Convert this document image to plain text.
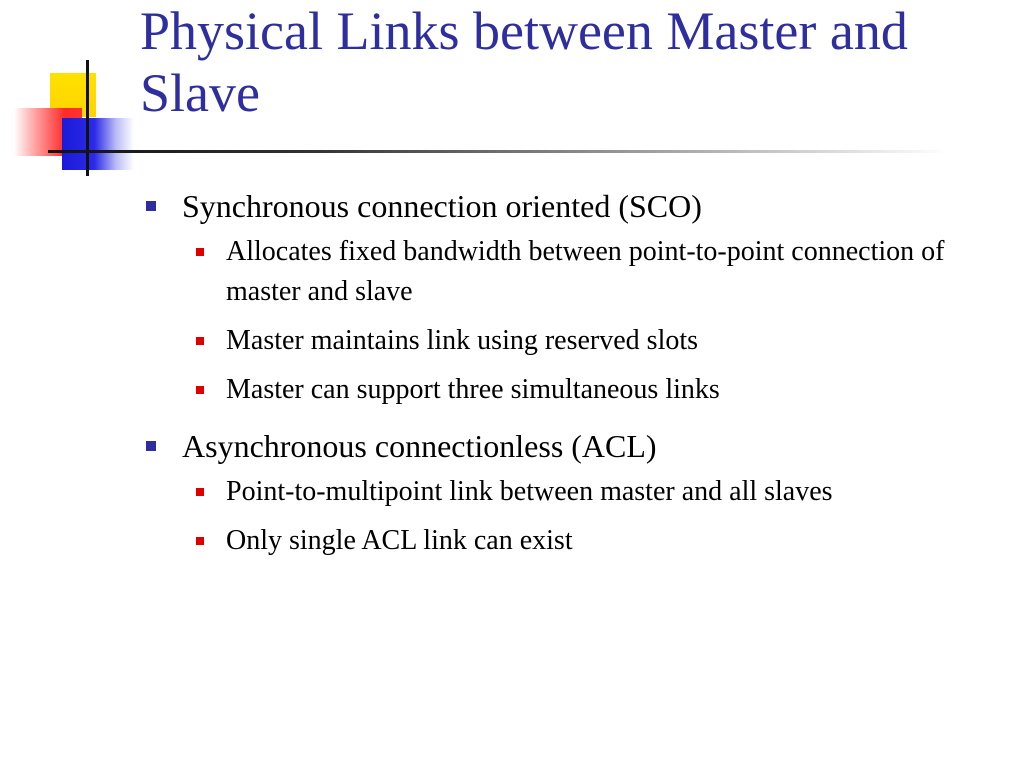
Physical Links between Master and Slave
Synchronous connection oriented (SCO)
Allocates fixed bandwidth between point-to-point connection of master and slave
Master maintains link using reserved slots
Master can support three simultaneous links
Asynchronous connectionless (ACL)
Point-to-multipoint link between master and all slaves
Only single ACL link can exist
